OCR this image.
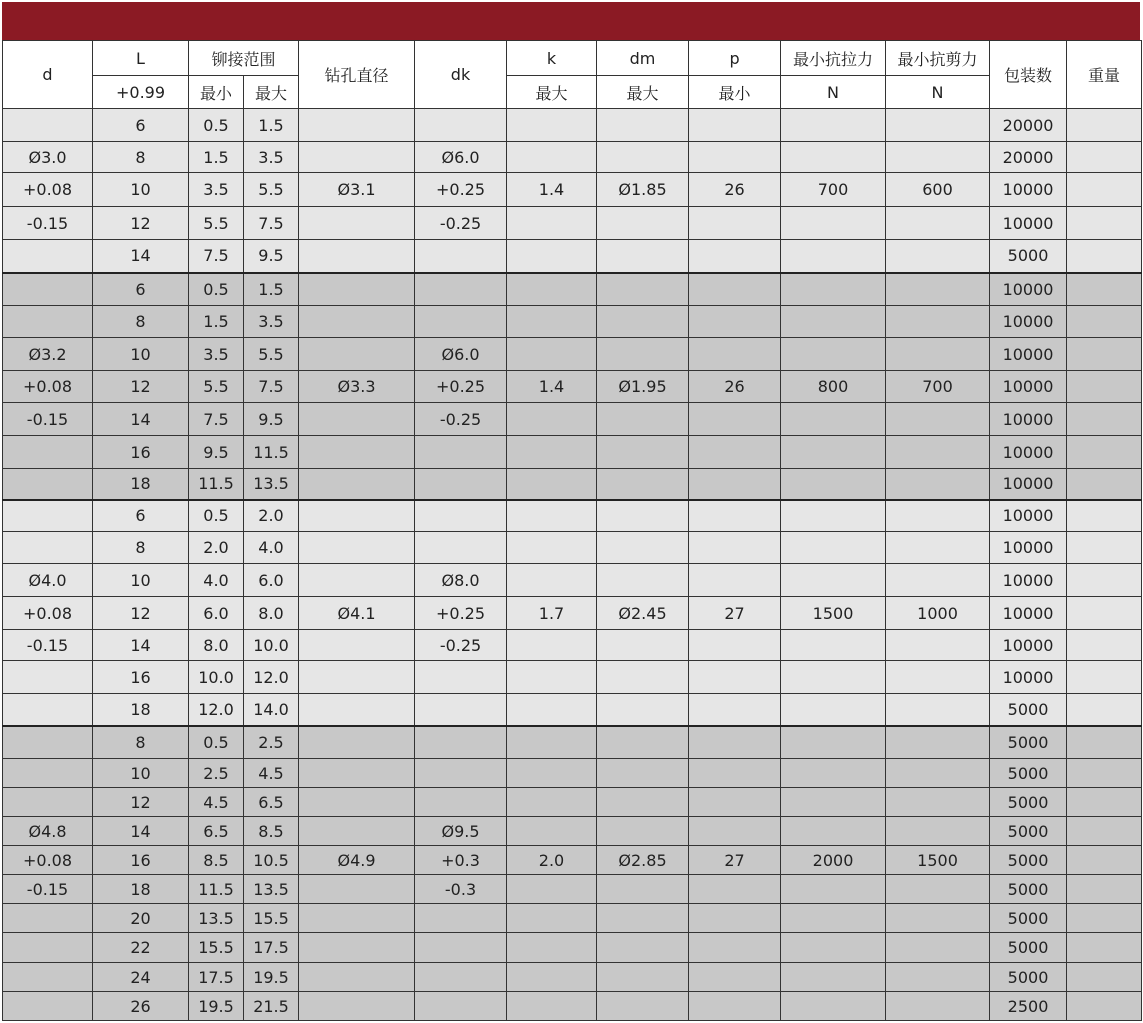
d	L	铆接范围		钻孔直径	dk	k	dm	p	最小抗拉力	最小抗剪力	包装数	重量
	+0.99	最小	最大			最大	最大	最小	N	N		
	6	0.5	1.5								20000	
Ø3.0	8	1.5	3.5		Ø6.0						20000	
+0.08	10	3.5	5.5	Ø3.1	+0.25	1.4	Ø1.85	26	700	600	10000	
-0.15	12	5.5	7.5		-0.25						10000	
	14	7.5	9.5								5000	
	6	0.5	1.5								10000	
	8	1.5	3.5								10000	
Ø3.2	10	3.5	5.5		Ø6.0						10000	
+0.08	12	5.5	7.5	Ø3.3	+0.25	1.4	Ø1.95	26	800	700	10000	
-0.15	14	7.5	9.5		-0.25						10000	
	16	9.5	11.5								10000	
	18	11.5	13.5								10000	
	6	0.5	2.0								10000	
	8	2.0	4.0								10000	
Ø4.0	10	4.0	6.0		Ø8.0						10000	
+0.08	12	6.0	8.0	Ø4.1	+0.25	1.7	Ø2.45	27	1500	1000	10000	
-0.15	14	8.0	10.0		-0.25						10000	
	16	10.0	12.0								10000	
	18	12.0	14.0								5000	
	8	0.5	2.5								5000	
	10	2.5	4.5								5000	
	12	4.5	6.5								5000	
Ø4.8	14	6.5	8.5		Ø9.5						5000	
+0.08	16	8.5	10.5	Ø4.9	+0.3	2.0	Ø2.85	27	2000	1500	5000	
-0.15	18	11.5	13.5		-0.3						5000	
	20	13.5	15.5								5000	
	22	15.5	17.5								5000	
	24	17.5	19.5								5000	
	26	19.5	21.5								2500	
